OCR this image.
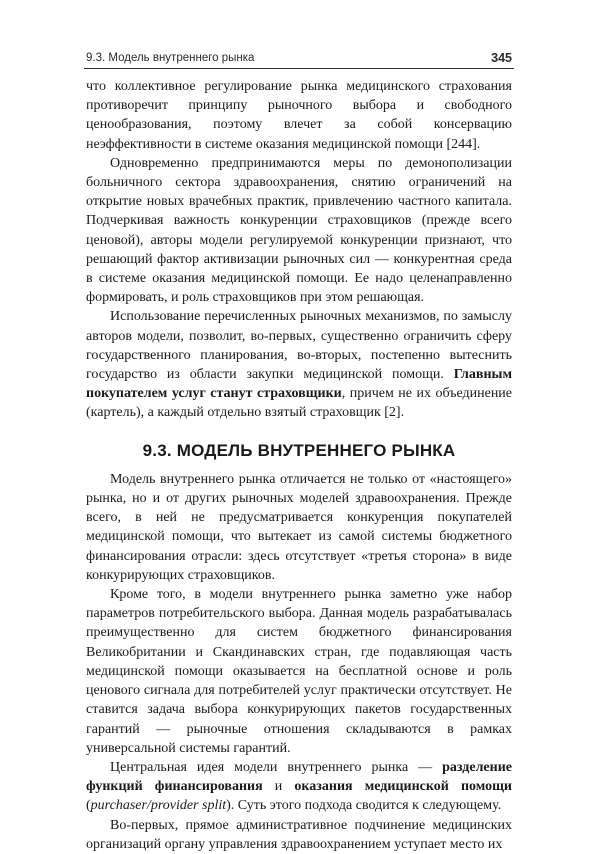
9.3. Модель внутреннего рынка	345

что коллективное регулирование рынка медицинского страхования противоречит принципу рыночного выбора и свободного ценообразования, поэтому влечет за собой консервацию неэффективности в системе оказания медицинской помощи [244].

Одновременно предпринимаются меры по демонополизации больничного сектора здравоохранения, снятию ограничений на открытие новых врачебных практик, привлечению частного капитала. Подчеркивая важность конкуренции страховщиков (прежде всего ценовой), авторы модели регулируемой конкуренции признают, что решающий фактор активизации рыночных сил — конкурентная среда в системе оказания медицинской помощи. Ее надо целенаправленно формировать, и роль страховщиков при этом решающая.

Использование перечисленных рыночных механизмов, по замыслу авторов модели, позволит, во-первых, существенно ограничить сферу государственного планирования, во-вторых, постепенно вытеснить государство из области закупки медицинской помощи. Главным покупателем услуг станут страховщики, причем не их объединение (картель), а каждый отдельно взятый страховщик [2].

9.3. МОДЕЛЬ ВНУТРЕННЕГО РЫНКА

Модель внутреннего рынка отличается не только от «настоящего» рынка, но и от других рыночных моделей здравоохранения. Прежде всего, в ней не предусматривается конкуренция покупателей медицинской помощи, что вытекает из самой системы бюджетного финансирования отрасли: здесь отсутствует «третья сторона» в виде конкурирующих страховщиков.

Кроме того, в модели внутреннего рынка заметно уже набор параметров потребительского выбора. Данная модель разрабатывалась преимущественно для систем бюджетного финансирования Великобритании и Скандинавских стран, где подавляющая часть медицинской помощи оказывается на бесплатной основе и роль ценового сигнала для потребителей услуг практически отсутствует. Не ставится задача выбора конкурирующих пакетов государственных гарантий — рыночные отношения складываются в рамках универсальной системы гарантий.

Центральная идея модели внутреннего рынка — разделение функций финансирования и оказания медицинской помощи (purchaser/provider split). Суть этого подхода сводится к следующему.

Во-первых, прямое административное подчинение медицинских организаций органу управления здравоохранением уступает место их
